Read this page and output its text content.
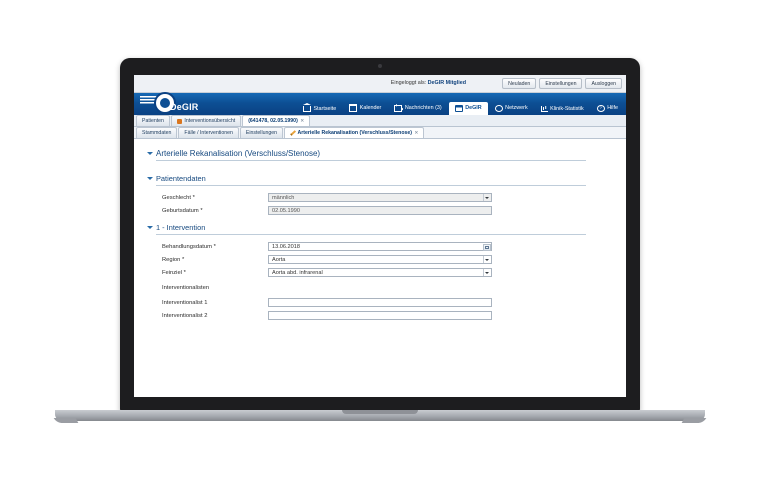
Eingeloggt als: DeGIR Mitglied	Neuladen	Einstellungen	Ausloggen
DeGIR	Startseite	Kalender	Nachrichten (3)	DeGIR	Netzwerk	Klinik-Statistik	? Hilfe
Patienten	Interventionsübersicht	(641478, 02.05.1990) ✕
Stammdaten	Fälle / Interventionen	Einstellungen	Arterielle Rekanalisation (Verschluss/Stenose) ✕
Arterielle Rekanalisation (Verschluss/Stenose)
Patientendaten
Geschlecht *	männlich
Geburtsdatum *	02.05.1990
1 - Intervention
Behandlungsdatum *	13.06.2018
Region *	Aorta
Feinziel *	Aorta abd. infrarenal
Interventionalisten
Interventionalist 1
Interventionalist 2
